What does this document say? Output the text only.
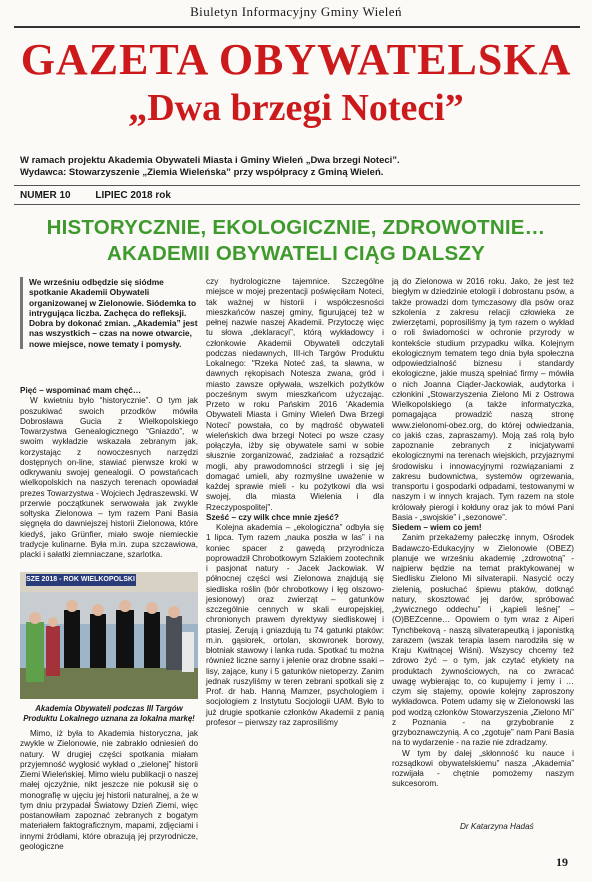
Biuletyn Informacyjny Gminy Wieleń
GAZETA OBYWATELSKA
„Dwa brzegi Noteci”
W ramach projektu Akademia Obywateli Miasta i Gminy Wieleń „Dwa brzegi Noteci”.
Wydawca: Stowarzyszenie „Ziemia Wieleńska” przy współpracy z Gminą Wieleń.
NUMER 10 LIPIEC 2018 rok
HISTORYCZNIE, EKOLOGICZNIE, ZDROWOTNIE…
AKADEMII OBYWATELI CIĄG DALSZY
We wrześniu odbędzie się siódme spotkanie Akademii Obywateli organizowanej w Zielonowie. Siódemka to intrygująca liczba. Zachęca do refleksji. Dobra by dokonać zmian. „Akademia” jest nas wszystkich – czas na nowe otwarcie, nowe miejsce, nowe tematy i pomysły.

Pięć – wspominać mam chęć…

W kwietniu było “historycznie”. O tym jak poszukiwać swoich przodków mówiła Dobrosława Gucia z Wielkopolskiego Towarzystwa Genealogicznego “Gniazdo”, w swoim wykładzie wskazała zebranym jak, korzystając z nowoczesnych narzędzi dostępnych on-line, stawiać pierwsze kroki w odkrywaniu swojej genealogii. O powstańcach wielkopolskich na naszych terenach opowiadał prezes Towarzystwa - Wojciech Jędraszewski. W przerwie początkunek serwowała jak zwykle sołtyska Zielonowa – tym razem Pani Basia sięgnęła do dawniejszej historii Zielonowa, które kiedyś, jako Grünfier, miało swoje niemieckie tradycje kulinarne. Była m.in. zupa szczawiowa, placki i sałatki ziemniaczane, szarlotka.

SZE 2018 - ROK WIELKOPOLSKI
Akademia Obywateli podczas III Targów Produktu Lokalnego uznana za lokalna markę!

Mimo, iż była to Akademia historyczna, jak zwykle w Zielonowie, nie zabrakło odniesień do natury. W drugiej części spotkania miałam przyjemność wygłosić wykład o „zielonej” historii Ziemi Wieleńskiej. Mimo wielu publikacji o naszej małej ojczyźnie, nikt jeszcze nie pokusił się o monografię w ujęciu jej historii naturalnej, a że w tym dniu przypadał Światowy Dzień Ziemi, więc postanowiłam zapoznać zebranych z bogatym materiałem faktograficznym, mapami, zdjęciami i innymi źródłami, które obrazują jej przyrodnicze, geologiczne

czy hydrologiczne tajemnice. Szczególne miejsce w mojej prezentacji poświęciłam Noteci, tak ważnej w historii i współczesności mieszkańców naszej gminy, figurującej też w pełnej nazwie naszej Akademii. Przytoczę więc tu słowa „deklaracyi”, którą wykładowcy i członkowie Akademii Obywateli odczytali podczas niedawnych, III-ich Targów Produktu Lokalnego: "Rzeka Noteć zaś, ta sławna, w dawnych rękopisach Notesza zwana, gród i miasto zawsze opływała, wszelkich pożytków pocześnym swym mieszkańcom użyczając. Przeto w roku Pańskim 2016 'Akademia Obywateli Miasta i Gminy Wieleń Dwa Brzegi Noteci' powstała, co by mądrość obywateli wieleńskich dwa brzegi Noteci po wsze czasy połączyła, iżby się obywatele sami w sobie słusznie zorganizować, zadziałać a rozsądzić mogli, aby prawodomności strzegli i się jej domagać umieli, aby rozmyślne uważenie w każdej sprawie mieli - ku pożytkowi dla wsi swojej, dla miasta Wielenia i dla Rzeczypospolitej".

Sześć – czy wilk chce mnie zjeść?

Kolejna akademia – „ekologiczna” odbyła się 1 lipca. Tym razem „nauka poszła w las” i na koniec spacer z gawędą przyrodnicza poprowadził Chrobotkowym Szlakiem zootechnik i pasjonat natury - Jacek Jackowiak. W północnej części wsi Zielonowa znajdują się siedliska roślin (bór chrobotkowy i łęg olszowo-jesionowy) oraz zwierząt – gatunków szczególnie cennych w skali europejskiej, chronionych prawem dyrektywy siedliskowej i ptasiej. Żerują i gniazdują tu 74 gatunki ptaków: m.in. gąsiorek, ortolan, skowronek borowy, błotniak stawowy i lanka ruda. Spotkać tu można również liczne sarny i jelenie oraz drobne ssaki – lisy, zające, kuny i 5 gatunków nietoperzy. Zanim jednak ruszyliśmy w teren zebrani spotkali się z Prof. dr hab. Hanną Mamzer, psychologiem i socjologiem z Instytutu Socjologii UAM. Było to już drugie spotkanie członków Akademii z panią profesor – pierwszy raz zaprosiliśmy

ją do Zielonowa w 2016 roku. Jako, że jest też biegłym w dziedzinie etologii i dobrostanu psów, a także prowadzi dom tymczasowy dla psów oraz szkolenia z zakresu relacji człowieka ze zwierzętami, poprosiliśmy ją tym razem o wykład o roli świadomości w ochronie przyrody w kontekście studium przypadku wilka. Kolejnym ekologicznym tematem tego dnia była społeczna odpowiedzialność biznesu i standardy ekologiczne, jakie muszą spełniać firmy – mówiła o nich Joanna Ciąder-Jackowiak, audytorka i członkini „Stowarzyszenia Zielono Mi z Ostrowa Wielkopolskiego (a także informatyczka, pomagająca prowadzić naszą stronę www.zielonomi-obez.org, do której odwiedzania, co jakiś czas, zapraszamy). Moją zaś rolą było zapoznanie zebranych z inicjatywami ekologicznymi na terenach wiejskich, przyjaznymi środowisku i innowacyjnymi rozwiązaniami z zakresu budownictwa, systemów ogrzewania, transportu i gospodarki odpadami, testowanymi w naszym i w innych krajach. Tym razem na stole królowały pierogi i kołduny oraz jak to mówi Pani Basia - „swojskie” i „sezonowe”.

Siedem – wiem co jem!

Zanim przekażemy pałeczkę innym, Ośrodek Badawczo-Edukacyjny w Zielonowie (OBEZ) planuje we wrześniu akademię „zdrowotną” - najpierw będzie na temat praktykowanej w Siedlisku Zielono Mi silvaterapii. Nasycić oczy zielenią, posłuchać śpiewu ptaków, dotknąć natury, skosztować jej darów, spróbować „żywicznego oddechu” i „kąpieli leśnej” – (O)BEZcenne… Opowiem o tym wraz z Aiperi Tynchbekovą - naszą silvaterapeutką i japonistką zarazem (wszak terapia lasem narodziła się w Kraju Kwitnącej Wiśni). Wszyscy chcemy też zdrowo żyć – o tym, jak czytać etykiety na produktach żywnościowych, na co zwracać uwagę wybierając to, co kupujemy i jemy i … czym się stajemy, opowie kolejny zaproszony wykładowca. Potem udamy się w Zielonowski las pod wodzą członków Stowarzyszenia „Zielono Mi” z Poznania - na grzybobranie z grzyboznawczynią. A co „zgotuje” nam Pani Basia na to wydarzenie - na razie nie zdradzamy.

W tym by dalej „skłonność ku nauce i rozsądkowi obywatelskiemu” nasza „Akademia” rozwijała - chętnie pomożemy naszym sukcesorom.

Dr Katarzyna Hadaś
19
